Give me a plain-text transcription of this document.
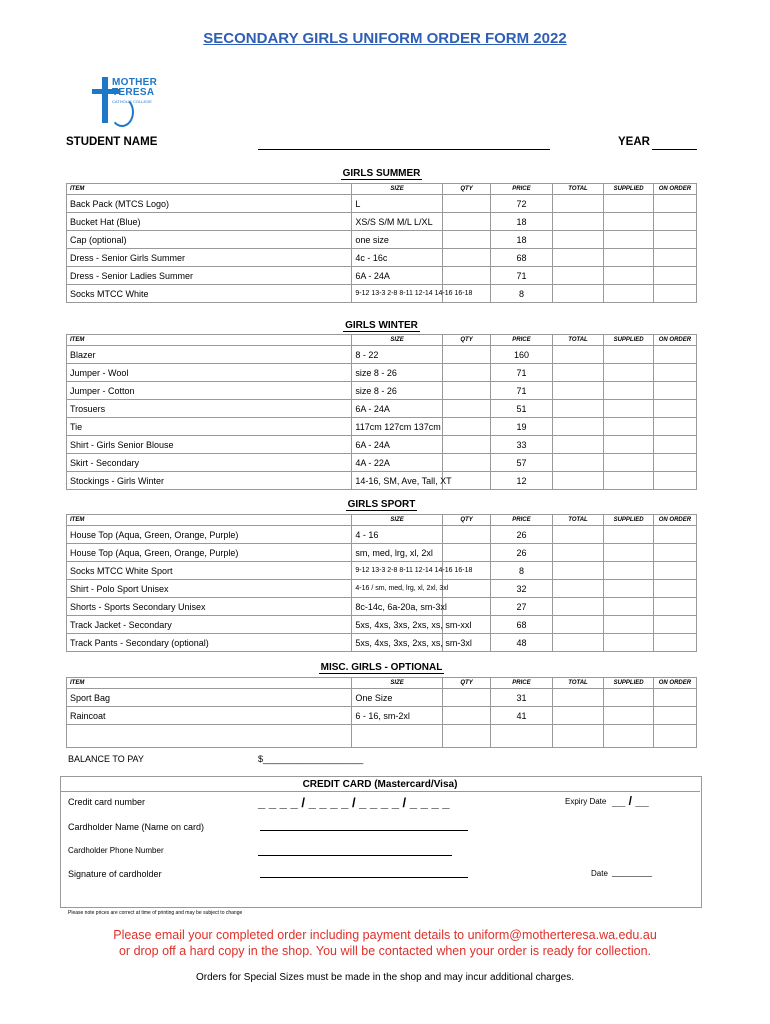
SECONDARY GIRLS UNIFORM ORDER FORM 2022
MOTHER
TERESA
CATHOLIC COLLEGE
STUDENT NAME	YEAR
GIRLS SUMMER
ITEM	SIZE	QTY	PRICE	TOTAL	SUPPLIED	ON ORDER
Back Pack (MTCS Logo)	L		72			
Bucket Hat (Blue)	XS/S S/M M/L L/XL		18			
Cap (optional)	one size		18			
Dress - Senior Girls Summer	4c - 16c		68			
Dress - Senior Ladies Summer	6A - 24A		71			
Socks MTCC White	9-12 13-3 2-8 8-11 12-14 14-16 16-18		8			
GIRLS WINTER
ITEM	SIZE	QTY	PRICE	TOTAL	SUPPLIED	ON ORDER
Blazer	8 - 22		160			
Jumper - Wool	size 8 - 26		71			
Jumper - Cotton	size 8 - 26		71			
Trosuers	6A - 24A		51			
Tie	117cm 127cm 137cm		19			
Shirt - Girls Senior Blouse	6A - 24A		33			
Skirt - Secondary	4A - 22A		57			
Stockings - Girls Winter	14-16, SM, Ave, Tall, XT		12			
GIRLS SPORT
ITEM	SIZE	QTY	PRICE	TOTAL	SUPPLIED	ON ORDER
House Top (Aqua, Green, Orange, Purple)	4 - 16		26			
House Top (Aqua, Green, Orange, Purple)	sm, med, lrg, xl, 2xl		26			
Socks MTCC White Sport	9-12 13-3 2-8 8-11 12-14 14-16 16-18		8			
Shirt - Polo Sport Unisex	4-16 / sm, med, lrg, xl, 2xl, 3xl		32			
Shorts - Sports Secondary Unisex	8c-14c, 6a-20a, sm-3xl		27			
Track Jacket - Secondary	5xs, 4xs, 3xs, 2xs, xs, sm-xxl		68			
Track Pants - Secondary (optional)	5xs, 4xs, 3xs, 2xs, xs, sm-3xl		48			
MISC. GIRLS - OPTIONAL
ITEM	SIZE	QTY	PRICE	TOTAL	SUPPLIED	ON ORDER
Sport Bag	One Size		31			
Raincoat	6 - 16, sm-2xl		41			

BALANCE TO PAY	$____________________
CREDIT CARD (Mastercard/Visa)
Credit card number	_ _ _ _ / _ _ _ _ / _ _ _ _ / _ _ _ _	Expiry Date __ / __
Cardholder Name (Name on card)
Cardholder Phone Number
Signature of cardholder	Date _________
Please note prices are correct at time of printing and may be subject to change
Please email your completed order including payment details to uniform@motherteresa.wa.edu.au
or drop off a hard copy in the shop. You will be contacted when your order is ready for collection.
Orders for Special Sizes must be made in the shop and may incur additional charges.
